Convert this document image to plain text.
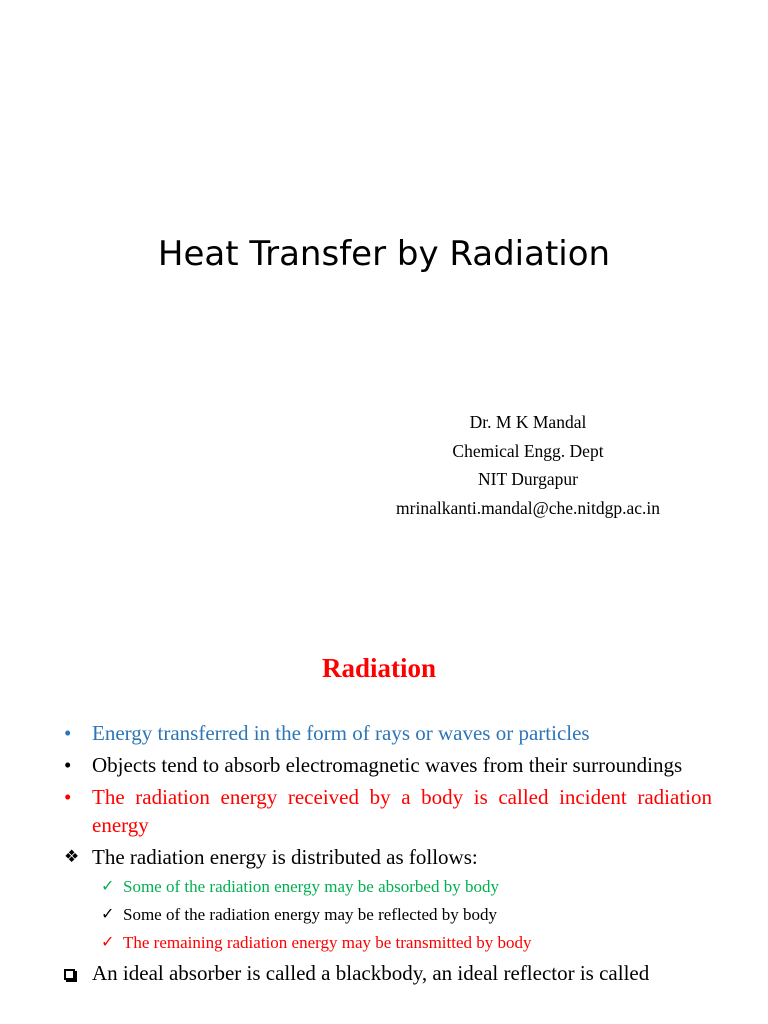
Heat Transfer by Radiation
Dr. M K Mandal
Chemical Engg. Dept
NIT Durgapur
mrinalkanti.mandal@che.nitdgp.ac.in
Radiation
• Energy transferred in the form of rays or waves or particles
• Objects tend to absorb electromagnetic waves from their surroundings
• The radiation energy received by a body is called incident radiation energy
❖ The radiation energy is distributed as follows:
✓ Some of the radiation energy may be absorbed by body
✓ Some of the radiation energy may be reflected by body
✓ The remaining radiation energy may be transmitted by body
An ideal absorber is called a blackbody, an ideal reflector is called
